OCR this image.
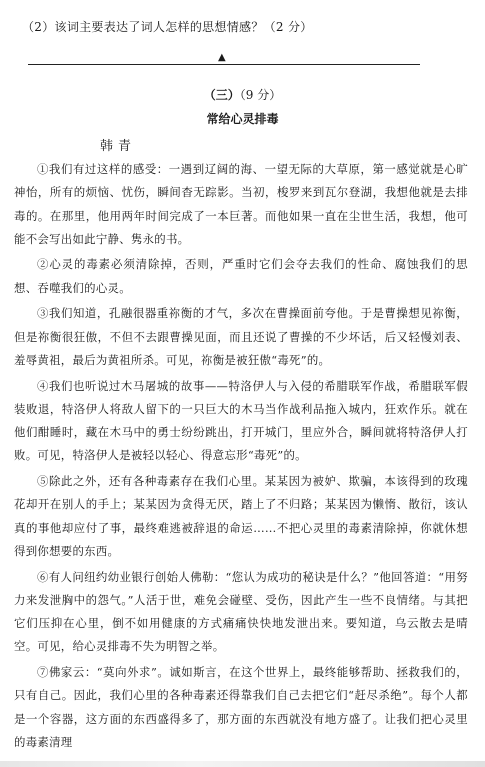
（2）该词主要表达了词人怎样的思想情感？（2 分）
▲
（三）（9 分）
常给心灵排毒
韩青

①我们有过这样的感受：一遇到辽阔的海、一望无际的大草原，第一感觉就是心旷神怡，所有的烦恼、忧伤，瞬间杳无踪影。当初，梭罗来到瓦尔登湖，我想他就是去排毒的。在那里，他用两年时间完成了一本巨著。而他如果一直在尘世生活，我想，他可能不会写出如此宁静、隽永的书。

②心灵的毒素必须清除掉，否则，严重时它们会夺去我们的性命、腐蚀我们的思想、吞噬我们的心灵。

③我们知道，孔融很器重祢衡的才气，多次在曹操面前夸他。于是曹操想见祢衡，但是祢衡很狂傲，不但不去跟曹操见面，而且还说了曹操的不少坏话，后又轻慢刘表、羞辱黄祖，最后为黄祖所杀。可见，祢衡是被狂傲“毒死”的。

④我们也听说过木马屠城的故事——特洛伊人与入侵的希腊联军作战，希腊联军假装败退，特洛伊人将敌人留下的一只巨大的木马当作战利品拖入城内，狂欢作乐。就在他们酣睡时，藏在木马中的勇士纷纷跳出，打开城门，里应外合，瞬间就将特洛伊人打败。可见，特洛伊人是被轻以轻心、得意忘形“毒死”的。

⑤除此之外，还有各种毒素存在我们心里。某某因为被妒、欺骗，本该得到的玫瑰花却开在别人的手上；某某因为贪得无厌，踏上了不归路；某某因为懒惰、散衍，该认真的事他却应付了事，最终难逃被辞退的命运……不把心灵里的毒素清除掉，你就休想得到你想要的东西。

⑥有人问纽约幼业银行创始人佛勒：“您认为成功的秘诀是什么？”他回答道：“用努力来发泄胸中的怨气。”人活于世，难免会碰壁、受伤，因此产生一些不良情绪。与其把它们压抑在心里，倒不如用健康的方式痛痛快快地发泄出来。要知道，乌云散去是晴空。可见，给心灵排毒不失为明智之举。

⑦佛家云：“莫向外求”。诚如斯言，在这个世界上，最终能够帮助、拯救我们的，只有自己。因此，我们心里的各种毒素还得靠我们自己去把它们“赶尽杀绝”。每个人都是一个容器，这方面的东西盛得多了，那方面的东西就没有地方盛了。让我们把心灵里的毒素清理
